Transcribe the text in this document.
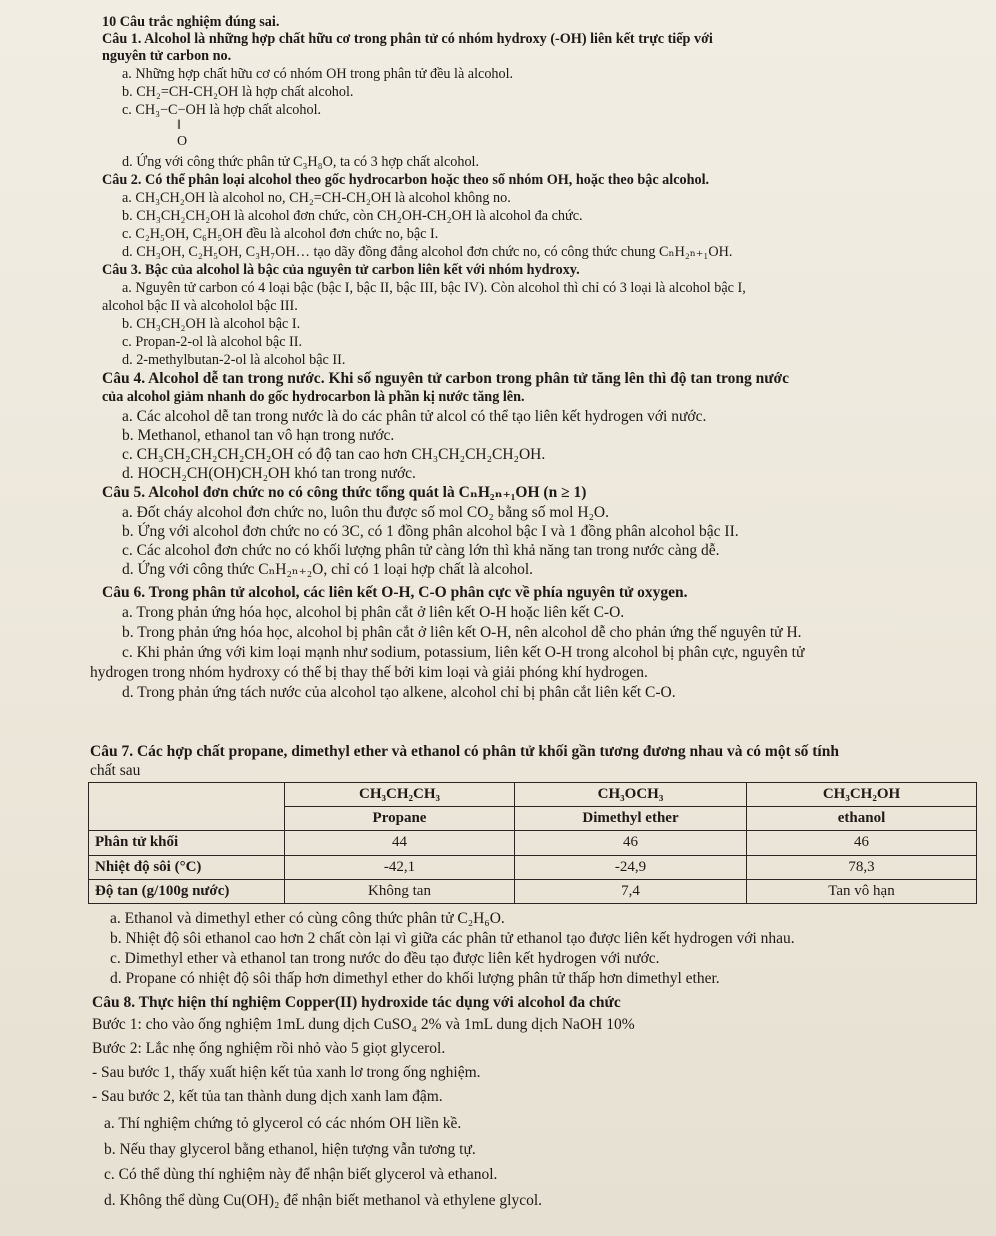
10 Câu trắc nghiệm đúng sai.
Câu 1. Alcohol là những hợp chất hữu cơ trong phân tử có nhóm hydroxy (-OH) liên kết trực tiếp với
nguyên tử carbon no.
a. Những hợp chất hữu cơ có nhóm OH trong phân tử đều là alcohol.
b. CH₂=CH-CH₂OH là hợp chất alcohol.
c. CH₃−C−OH là hợp chất alcohol.
‖
O
d. Ứng với công thức phân tử C₃H₈O, ta có 3 hợp chất alcohol.
Câu 2. Có thể phân loại alcohol theo gốc hydrocarbon hoặc theo số nhóm OH, hoặc theo bậc alcohol.
a. CH₃CH₂OH là alcohol no, CH₂=CH-CH₂OH là alcohol không no.
b. CH₃CH₂CH₂OH là alcohol đơn chức, còn CH₂OH-CH₂OH là alcohol đa chức.
c. C₂H₅OH, C₆H₅OH đều là alcohol đơn chức no, bậc I.
d. CH₃OH, C₂H₅OH, C₃H₇OH… tạo dãy đồng đẳng alcohol đơn chức no, có công thức chung CₙH₂ₙ₊₁OH.
Câu 3. Bậc của alcohol là bậc của nguyên tử carbon liên kết với nhóm hydroxy.
a. Nguyên tử carbon có 4 loại bậc (bậc I, bậc II, bậc III, bậc IV). Còn alcohol thì chỉ có 3 loại là alcohol bậc I,
alcohol bậc II và alcoholol bậc III.
b. CH₃CH₂OH là alcohol bậc I.
c. Propan-2-ol là alcohol bậc II.
d. 2-methylbutan-2-ol là alcohol bậc II.
Câu 4. Alcohol dễ tan trong nước. Khi số nguyên tử carbon trong phân tử tăng lên thì độ tan trong nước
của alcohol giảm nhanh do gốc hydrocarbon là phần kị nước tăng lên.
a. Các alcohol dễ tan trong nước là do các phân tử alcol có thể tạo liên kết hydrogen với nước.
b. Methanol, ethanol tan vô hạn trong nước.
c. CH₃CH₂CH₂CH₂CH₂OH có độ tan cao hơn CH₃CH₂CH₂CH₂OH.
d. HOCH₂CH(OH)CH₂OH khó tan trong nước.
Câu 5. Alcohol đơn chức no có công thức tổng quát là CₙH₂ₙ₊₁OH (n ≥ 1)
a. Đốt cháy alcohol đơn chức no, luôn thu được số mol CO₂ bằng số mol H₂O.
b. Ứng với alcohol đơn chức no có 3C, có 1 đồng phân alcohol bậc I và 1 đồng phân alcohol bậc II.
c. Các alcohol đơn chức no có khối lượng phân tử càng lớn thì khả năng tan trong nước càng dễ.
d. Ứng với công thức CₙH₂ₙ₊₂O, chỉ có 1 loại hợp chất là alcohol.
Câu 6. Trong phân tử alcohol, các liên kết O-H, C-O phân cực về phía nguyên tử oxygen.
a. Trong phản ứng hóa học, alcohol bị phân cắt ở liên kết O-H hoặc liên kết C-O.
b. Trong phản ứng hóa học, alcohol bị phân cắt ở liên kết O-H, nên alcohol dễ cho phản ứng thế nguyên tử H.
c. Khi phản ứng với kim loại mạnh như sodium, potassium, liên kết O-H trong alcohol bị phân cực, nguyên tử
hydrogen trong nhóm hydroxy có thể bị thay thế bởi kim loại và giải phóng khí hydrogen.
d. Trong phản ứng tách nước của alcohol tạo alkene, alcohol chỉ bị phân cắt liên kết C-O.
Câu 7. Các hợp chất propane, dimethyl ether và ethanol có phân tử khối gần tương đương nhau và có một số tính
chất sau
	CH₃CH₂CH₃	CH₃OCH₃	CH₃CH₂OH
	Propane	Dimethyl ether	ethanol
Phân tử khối	44	46	46
Nhiệt độ sôi (°C)	-42,1	-24,9	78,3
Độ tan (g/100g nước)	Không tan	7,4	Tan vô hạn
a. Ethanol và dimethyl ether có cùng công thức phân tử C₂H₆O.
b. Nhiệt độ sôi ethanol cao hơn 2 chất còn lại vì giữa các phân tử ethanol tạo được liên kết hydrogen với nhau.
c. Dimethyl ether và ethanol tan trong nước do đều tạo được liên kết hydrogen với nước.
d. Propane có nhiệt độ sôi thấp hơn dimethyl ether do khối lượng phân tử thấp hơn dimethyl ether.
Câu 8. Thực hiện thí nghiệm Copper(II) hydroxide tác dụng với alcohol đa chức
Bước 1: cho vào ống nghiệm 1mL dung dịch CuSO₄ 2% và 1mL dung dịch NaOH 10%
Bước 2: Lắc nhẹ ống nghiệm rồi nhỏ vào 5 giọt glycerol.
- Sau bước 1, thấy xuất hiện kết tủa xanh lơ trong ống nghiệm.
- Sau bước 2, kết tủa tan thành dung dịch xanh lam đậm.
a. Thí nghiệm chứng tỏ glycerol có các nhóm OH liền kề.
b. Nếu thay glycerol bằng ethanol, hiện tượng vẫn tương tự.
c. Có thể dùng thí nghiệm này để nhận biết glycerol và ethanol.
d. Không thể dùng Cu(OH)₂ để nhận biết methanol và ethylene glycol.
